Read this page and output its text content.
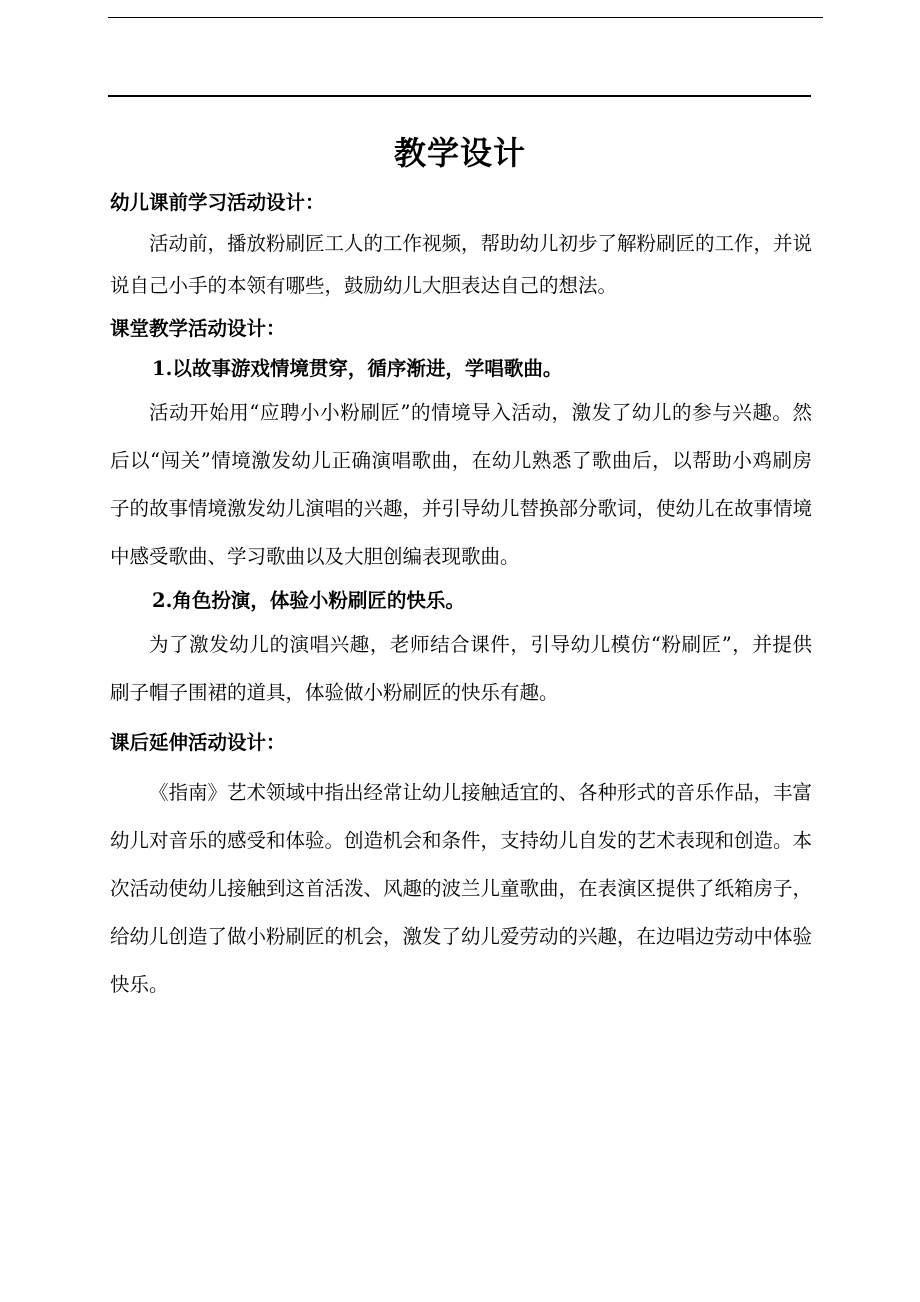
教学设计
幼儿课前学习活动设计：

活动前，播放粉刷匠工人的工作视频，帮助幼儿初步了解粉刷匠的工作，并说说自己小手的本领有哪些，鼓励幼儿大胆表达自己的想法。

课堂教学活动设计：
1.以故事游戏情境贯穿，循序渐进，学唱歌曲。

活动开始用“应聘小小粉刷匠”的情境导入活动，激发了幼儿的参与兴趣。然后以“闯关”情境激发幼儿正确演唱歌曲，在幼儿熟悉了歌曲后，以帮助小鸡刷房子的故事情境激发幼儿演唱的兴趣，并引导幼儿替换部分歌词，使幼儿在故事情境中感受歌曲、学习歌曲以及大胆创编表现歌曲。

2.角色扮演，体验小粉刷匠的快乐。

为了激发幼儿的演唱兴趣，老师结合课件，引导幼儿模仿“粉刷匠”，并提供刷子帽子围裙的道具，体验做小粉刷匠的快乐有趣。

课后延伸活动设计：

《指南》艺术领域中指出经常让幼儿接触适宜的、各种形式的音乐作品，丰富幼儿对音乐的感受和体验。创造机会和条件，支持幼儿自发的艺术表现和创造。本次活动使幼儿接触到这首活泼、风趣的波兰儿童歌曲，在表演区提供了纸箱房子，给幼儿创造了做小粉刷匠的机会，激发了幼儿爱劳动的兴趣，在边唱边劳动中体验快乐。
